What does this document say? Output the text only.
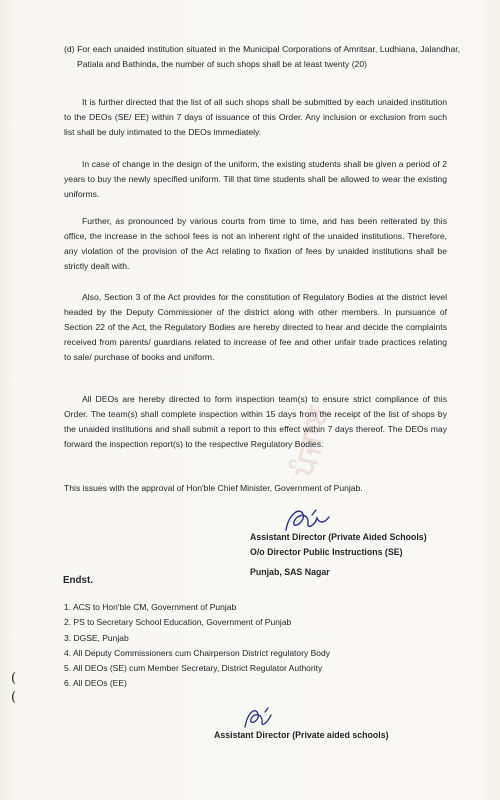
ਪੰਜਾਬ

(d) For each unaided institution situated in the Municipal Corporations of Amritsar, Ludhiana, Jalandhar, Patiala and Bathinda, the number of such shops shall be at least twenty (20)

It is further directed that the list of all such shops shall be submitted by each unaided institution to the DEOs (SE/ EE) within 7 days of issuance of this Order. Any inclusion or exclusion from such list shall be duly intimated to the DEOs immediately.

In case of change in the design of the uniform, the existing students shall be given a period of 2 years to buy the newly specified uniform. Till that time students shall be allowed to wear the existing uniforms.

Further, as pronounced by various courts from time to time, and has been reiterated by this office, the increase in the school fees is not an inherent right of the unaided institutions. Therefore, any violation of the provision of the Act relating to fixation of fees by unaided institutions shall be strictly dealt with.

Also, Section 3 of the Act provides for the constitution of Regulatory Bodies at the district level headed by the Deputy Commissioner of the district along with other members. In pursuance of Section 22 of the Act, the Regulatory Bodies are hereby directed to hear and decide the complaints received from parents/ guardians related to increase of fee and other unfair trade practices relating to sale/ purchase of books and uniform.

All DEOs are hereby directed to form inspection team(s) to ensure strict compliance of this Order. The team(s) shall complete inspection within 15 days from the receipt of the list of shops by the unaided institutions and shall submit a report to this effect within 7 days thereof. The DEOs may forward the inspection report(s) to the respective Regulatory Bodies.

This issues with the approval of Hon'ble Chief Minister, Government of Punjab.

Assistant Director (Private Aided Schools)
O/o Director Public Instructions (SE)
Punjab, SAS Nagar
Endst.
1. ACS to Hon'ble CM, Government of Punjab
2. PS to Secretary School Education, Government of Punjab
3. DGSE, Punjab
4. All Deputy Commissioners cum Chairperson District regulatory Body
5. All DEOs (SE) cum Member Secretary, District Regulator Authority
6. All DEOs (EE)
(
(
Assistant Director (Private aided schools)
